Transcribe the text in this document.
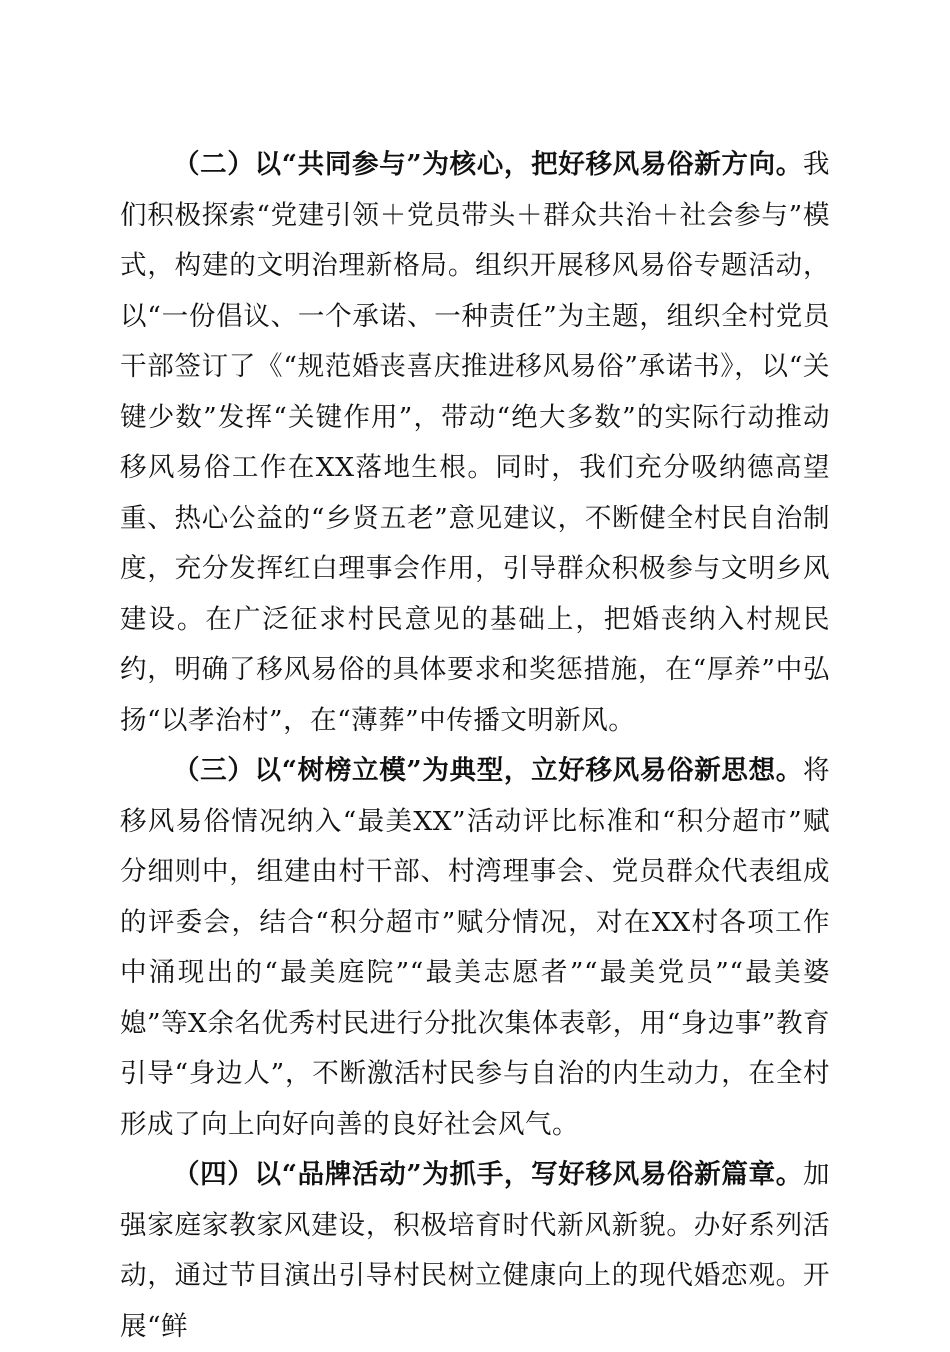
（二）以“共同参与”为核心，把好移风易俗新方向。我们积极探索“党建引领＋党员带头＋群众共治＋社会参与”模式，构建的文明治理新格局。组织开展移风易俗专题活动，以“一份倡议、一个承诺、一种责任”为主题，组织全村党员干部签订了《“规范婚丧喜庆推进移风易俗”承诺书》，以“关键少数”发挥“关键作用”，带动“绝大多数”的实际行动推动移风易俗工作在XX落地生根。同时，我们充分吸纳德高望重、热心公益的“乡贤五老”意见建议，不断健全村民自治制度，充分发挥红白理事会作用，引导群众积极参与文明乡风建设。在广泛征求村民意见的基础上，把婚丧纳入村规民约，明确了移风易俗的具体要求和奖惩措施，在“厚养”中弘扬“以孝治村”，在“薄葬”中传播文明新风。

（三）以“树榜立模”为典型，立好移风易俗新思想。将移风易俗情况纳入“最美XX”活动评比标准和“积分超市”赋分细则中，组建由村干部、村湾理事会、党员群众代表组成的评委会，结合“积分超市”赋分情况，对在XX村各项工作中涌现出的“最美庭院”“最美志愿者”“最美党员”“最美婆媳”等X余名优秀村民进行分批次集体表彰，用“身边事”教育引导“身边人”，不断激活村民参与自治的内生动力，在全村形成了向上向好向善的良好社会风气。

（四）以“品牌活动”为抓手，写好移风易俗新篇章。加强家庭家教家风建设，积极培育时代新风新貌。办好系列活动，通过节目演出引导村民树立健康向上的现代婚恋观。开展“鲜
